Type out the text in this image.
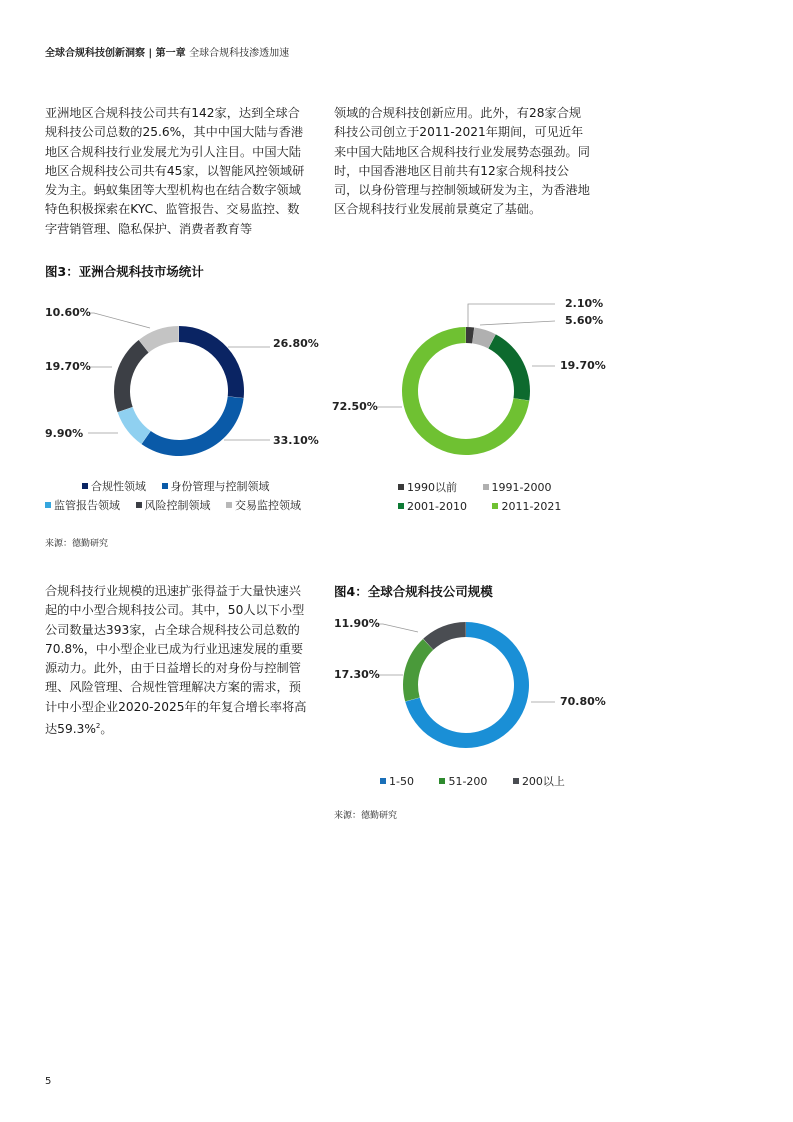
全球合规科技创新洞察 | 第一章 全球合规科技渗透加速

亚洲地区合规科技公司共有142家，达到全球合规科技公司总数的25.6%，其中中国大陆与香港地区合规科技行业发展尤为引人注目。中国大陆地区合规科技公司共有45家，以智能风控领域研发为主。蚂蚁集团等大型机构也在结合数字领域特色积极探索在KYC、监管报告、交易监控、数字营销管理、隐私保护、消费者教育等

领域的合规科技创新应用。此外，有28家合规科技公司创立于2011-2021年期间，可见近年来中国大陆地区合规科技行业发展势态强劲。同时，中国香港地区目前共有12家合规科技公司，以身份管理与控制领域研发为主，为香港地区合规科技行业发展前景奠定了基础。

图3：亚洲合规科技市场统计
26.80%
33.10%
9.90%
19.70%
10.60%
2.10%
5.60%
19.70%
72.50%
70.80%
17.30%
11.90%
合规性领域
身份管理与控制领域
监管报告领域
风险控制领域
交易监控领域
1990以前
	1991-2000
2001-2010
	2011-2021
来源：德勤研究

合规科技行业规模的迅速扩张得益于大量快速兴起的中小型合规科技公司。其中，50人以下小型公司数量达393家，占全球合规科技公司总数的70.8%，中小型企业已成为行业迅速发展的重要源动力。此外，由于日益增长的对身份与控制管理、风险管理、合规性管理解决方案的需求，预计中小型企业2020-2025年的年复合增长率将高达59.3%$^2$。

图4：全球合规科技公司规模
1-50
	51-200
	200以上
来源：德勤研究
5
